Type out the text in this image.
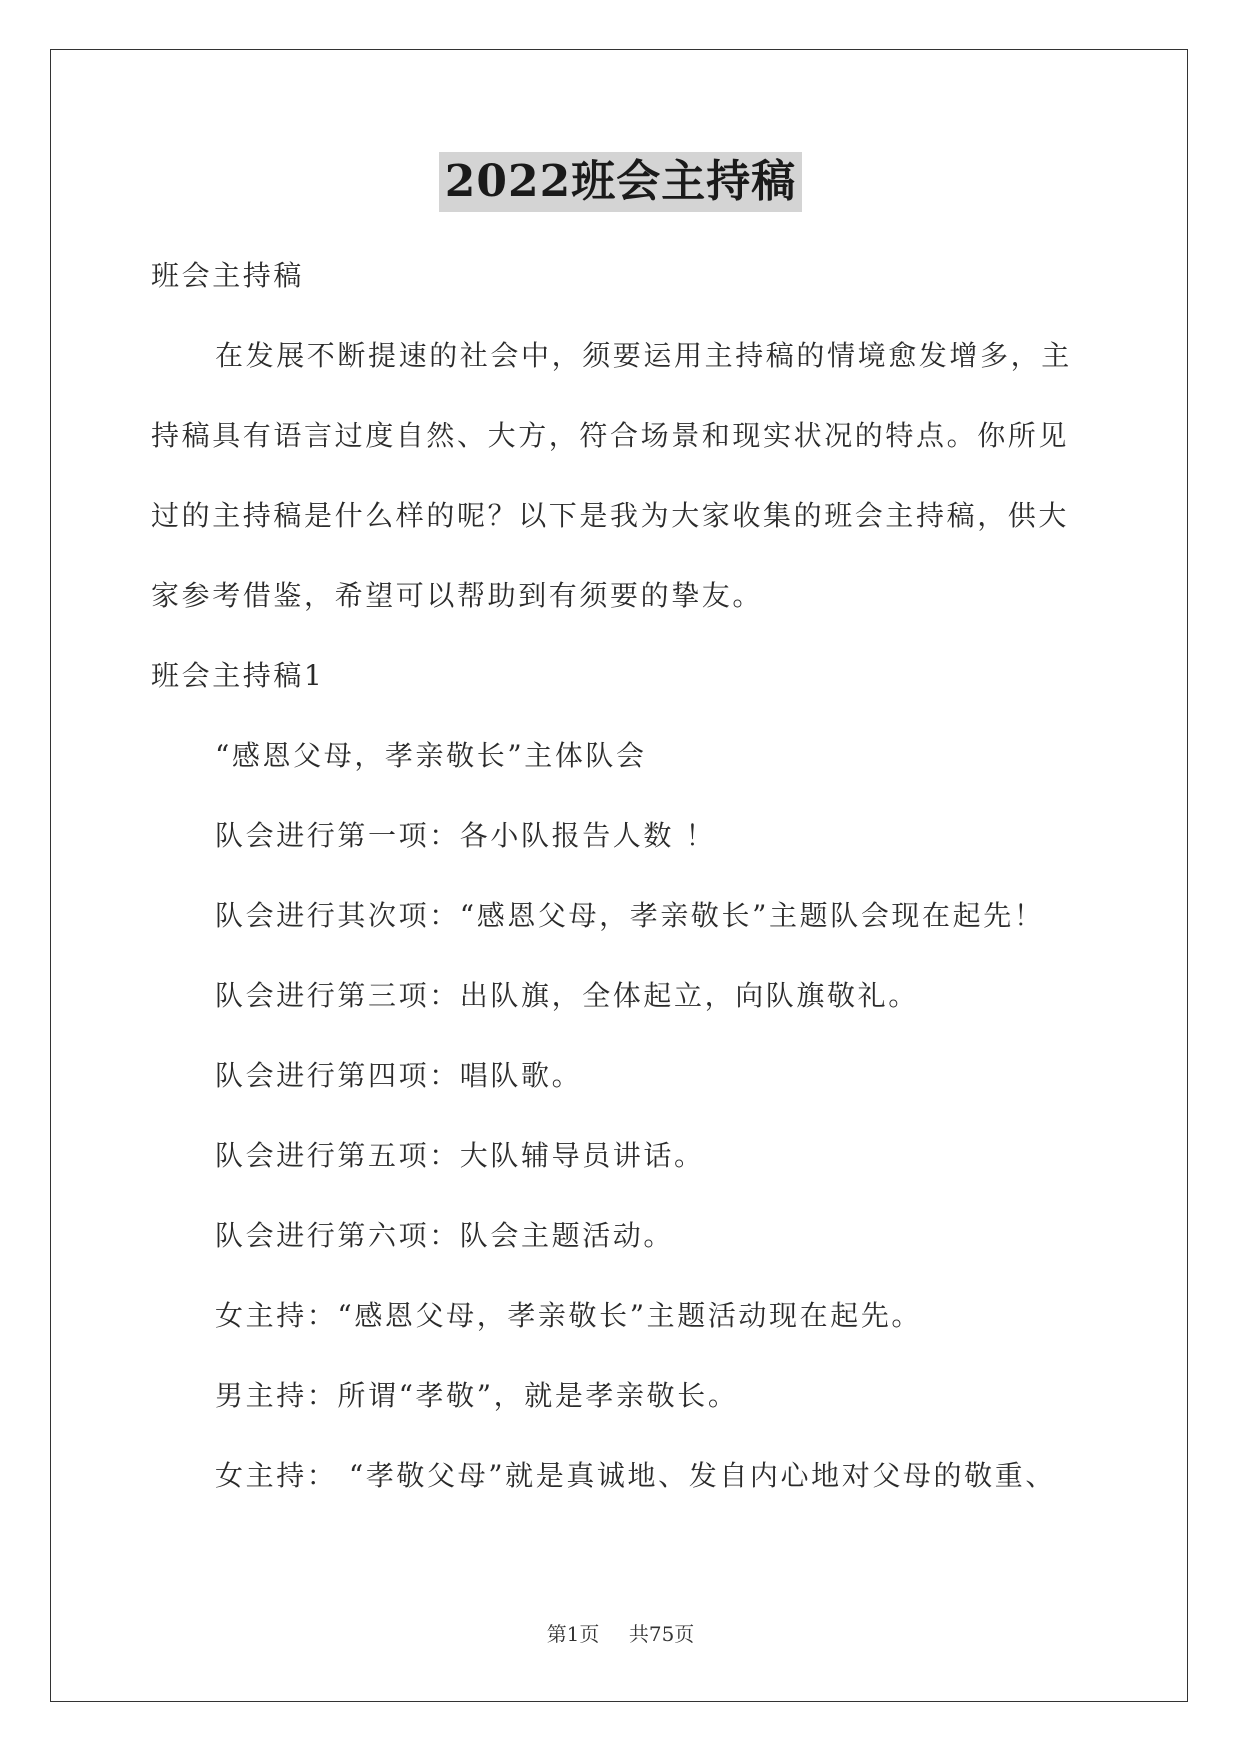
2022班会主持稿
班会主持稿
在发展不断提速的社会中，须要运用主持稿的情境愈发增多，主
持稿具有语言过度自然、大方，符合场景和现实状况的特点。你所见
过的主持稿是什么样的呢？以下是我为大家收集的班会主持稿，供大
家参考借鉴，希望可以帮助到有须要的挚友。
班会主持稿1
“感恩父母，孝亲敬长”主体队会
队会进行第一项：各小队报告人数 ！
队会进行其次项：“感恩父母，孝亲敬长”主题队会现在起先！
队会进行第三项：出队旗，全体起立，向队旗敬礼。
队会进行第四项：唱队歌。
队会进行第五项：大队辅导员讲话。
队会进行第六项：队会主题活动。
女主持：“感恩父母，孝亲敬长”主题活动现在起先。
男主持：所谓“孝敬”，就是孝亲敬长。
女主持： “孝敬父母”就是真诚地、发自内心地对父母的敬重、
第1页 共75页
